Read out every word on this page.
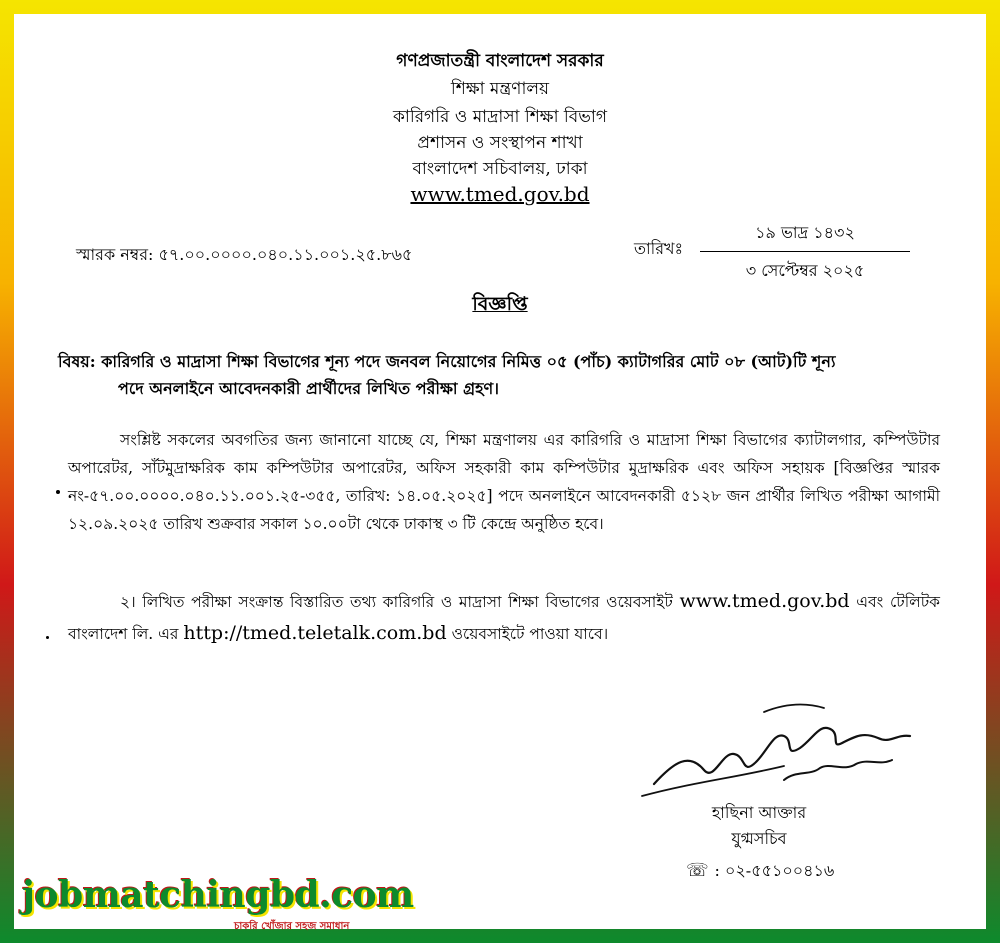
গণপ্রজাতন্ত্রী বাংলাদেশ সরকার
শিক্ষা মন্ত্রণালয়
কারিগরি ও মাদ্রাসা শিক্ষা বিভাগ
প্রশাসন ও সংস্থাপন শাখা
বাংলাদেশ সচিবালয়, ঢাকা
www.tmed.gov.bd
স্মারক নম্বর: ৫৭.০০.০০০০.০৪০.১১.০০১.২৫.৮৬৫	তারিখঃ
১৯ ভাদ্র ১৪৩২
৩ সেপ্টেম্বর ২০২৫
বিজ্ঞপ্তি
বিষয়: কারিগরি ও মাদ্রাসা শিক্ষা বিভাগের শূন্য পদে জনবল নিয়োগের নিমিত্ত ০৫ (পাঁচ) ক্যাটাগরির মোট ০৮ (আট)টি শূন্য
পদে অনলাইনে আবেদনকারী প্রার্থীদের লিখিত পরীক্ষা গ্রহণ।
সংশ্লিষ্ট সকলের অবগতির জন্য জানানো যাচ্ছে যে, শিক্ষা মন্ত্রণালয় এর কারিগরি ও মাদ্রাসা শিক্ষা বিভাগের ক্যাটালগার, কম্পিউটার অপারেটর, সাঁটমুদ্রাক্ষরিক কাম কম্পিউটার অপারেটর, অফিস সহকারী কাম কম্পিউটার মুদ্রাক্ষরিক এবং অফিস সহায়ক [বিজ্ঞপ্তির স্মারক নং-৫৭.০০.০০০০.০৪০.১১.০০১.২৫-৩৫৫, তারিখ: ১৪.০৫.২০২৫] পদে অনলাইনে আবেদনকারী ৫১২৮ জন প্রার্থীর লিখিত পরীক্ষা আগামী ১২.০৯.২০২৫ তারিখ শুক্রবার সকাল ১০.০০টা থেকে ঢাকাস্থ ৩ টি কেন্দ্রে অনুষ্ঠিত হবে।
২। লিখিত পরীক্ষা সংক্রান্ত বিস্তারিত তথ্য কারিগরি ও মাদ্রাসা শিক্ষা বিভাগের ওয়েবসাইট www.tmed.gov.bd এবং টেলিটক বাংলাদেশ লি. এর http://tmed.teletalk.com.bd ওয়েবসাইটে পাওয়া যাবে।
হাছিনা আক্তার
যুগ্মসচিব
☏ : ০২-৫৫১০০৪১৬
jobmatchingbd.com
চাকরি খোঁজার সহজ সমাধান
